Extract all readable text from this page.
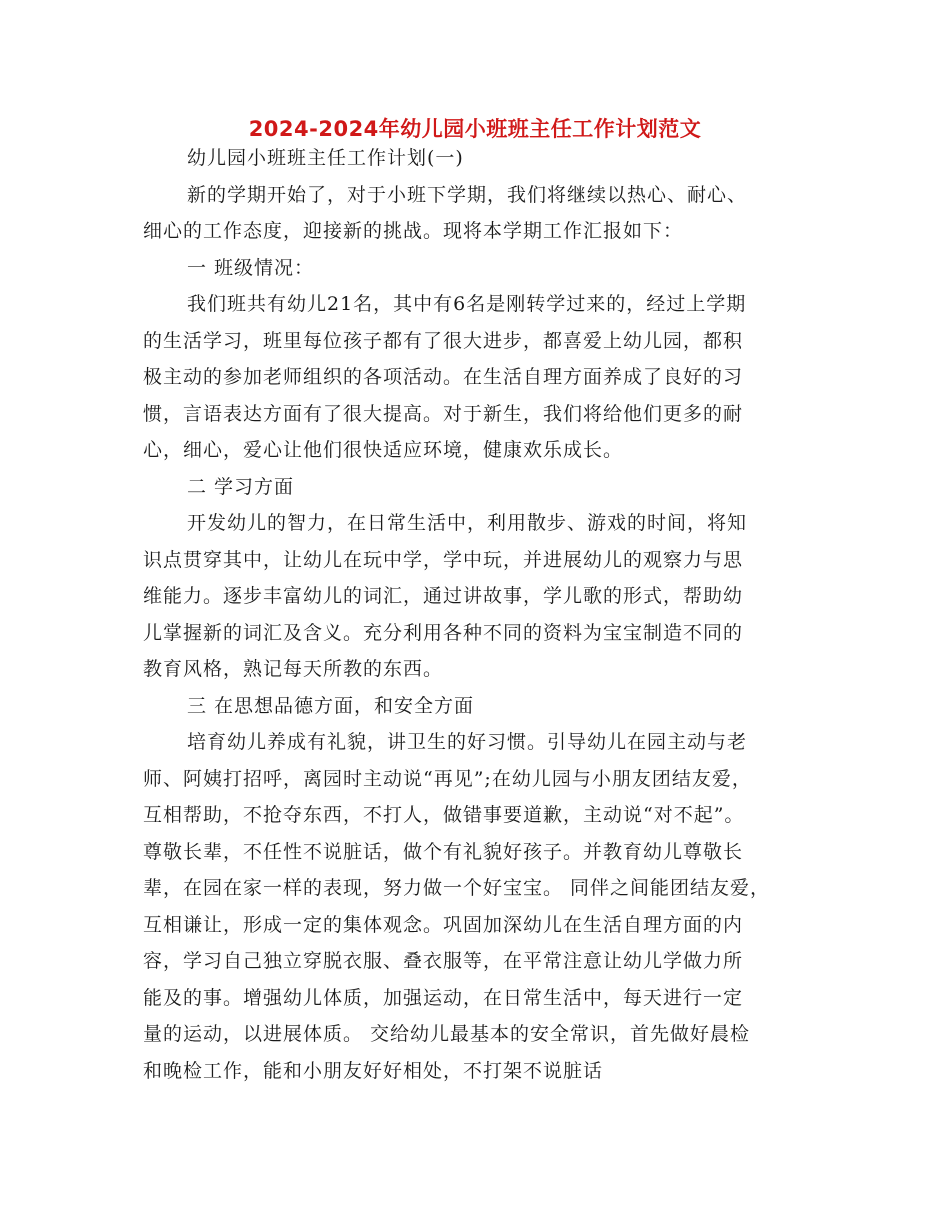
2024-2024年幼儿园小班班主任工作计划范文
幼儿园小班班主任工作计划(一)
新的学期开始了，对于小班下学期，我们将继续以热心、耐心、
细心的工作态度，迎接新的挑战。现将本学期工作汇报如下：
一 班级情况：
我们班共有幼儿21名，其中有6名是刚转学过来的，经过上学期
的生活学习，班里每位孩子都有了很大进步，都喜爱上幼儿园，都积
极主动的参加老师组织的各项活动。在生活自理方面养成了良好的习
惯，言语表达方面有了很大提高。对于新生，我们将给他们更多的耐
心，细心，爱心让他们很快适应环境，健康欢乐成长。
二 学习方面
开发幼儿的智力，在日常生活中，利用散步、游戏的时间，将知
识点贯穿其中，让幼儿在玩中学，学中玩，并进展幼儿的观察力与思
维能力。逐步丰富幼儿的词汇，通过讲故事，学儿歌的形式，帮助幼
儿掌握新的词汇及含义。充分利用各种不同的资料为宝宝制造不同的
教育风格，熟记每天所教的东西。
三 在思想品德方面，和安全方面
培育幼儿养成有礼貌，讲卫生的好习惯。引导幼儿在园主动与老
师、阿姨打招呼，离园时主动说“再见”;在幼儿园与小朋友团结友爱，
互相帮助，不抢夺东西，不打人，做错事要道歉，主动说“对不起”。
尊敬长辈，不任性不说脏话，做个有礼貌好孩子。并教育幼儿尊敬长
辈，在园在家一样的表现，努力做一个好宝宝。 同伴之间能团结友爱，
互相谦让，形成一定的集体观念。巩固加深幼儿在生活自理方面的内
容，学习自己独立穿脱衣服、叠衣服等，在平常注意让幼儿学做力所
能及的事。增强幼儿体质，加强运动，在日常生活中，每天进行一定
量的运动，以进展体质。 交给幼儿最基本的安全常识，首先做好晨检
和晚检工作，能和小朋友好好相处，不打架不说脏话
